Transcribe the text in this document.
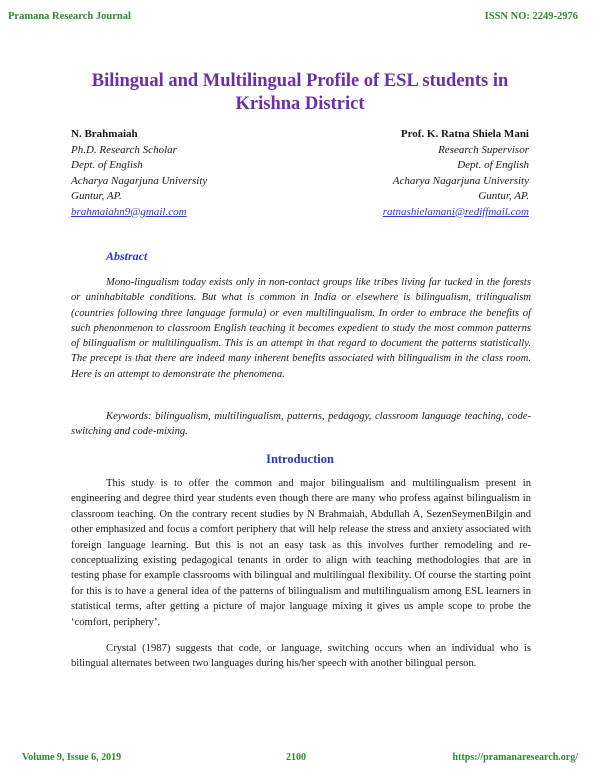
Pramana Research Journal	ISSN NO: 2249-2976
Bilingual and Multilingual Profile of ESL students in Krishna District
N. Brahmaiah
Ph.D. Research Scholar
Dept. of English
Acharya Nagarjuna University
Guntur, AP.
brahmaiahn9@gmail.com
Prof. K. Ratna Shiela Mani
Research Supervisor
Dept. of English
Acharya Nagarjuna University
Guntur, AP.
ratnashielamani@rediffmail.com
Abstract

Mono-lingualism today exists only in non-contact groups like tribes living far tucked in the forests or uninhabitable conditions. But what is common in India or elsewhere is bilingualism, trilingualism (countries following three language formula) or even multilingualism. In order to embrace the benefits of such phenonmenon to classroom English teaching it becomes expedient to study the most common patterns of bilingualism or multilingualism. This is an attempt in that regard to document the patterns statistically. The precept is that there are indeed many inherent benefits associated with bilingualism in the class room. Here is an attempt to demonstrate the phenomena.

Keywords: bilingualism, multilingualism, patterns, pedagogy, classroom language teaching, code-switching and code-mixing.

Introduction

This study is to offer the common and major bilingualism and multilingualism present in engineering and degree third year students even though there are many who profess against bilingualism in classroom teaching. On the contrary recent studies by N Brahmaiah, Abdullah A, SezenSeymenBilgin and other emphasized and focus a comfort periphery that will help release the stress and anxiety associated with foreign language learning. But this is not an easy task as this involves further remodeling and re-conceptualizing existing pedagogical tenants in order to align with teaching methodologies that are in testing phase for example classrooms with bilingual and multilingual flexibility. Of course the starting point for this is to have a general idea of the patterns of bilingualism and multilingualism among ESL learners in statistical terms, after getting a picture of major language mixing it gives us ample scope to probe the ‘comfort, periphery’.

Crystal (1987) suggests that code, or language, switching occurs when an individual who is bilingual alternates between two languages during his/her speech with another bilingual person.

Volume 9, Issue 6, 2019	2100	https://pramanaresearch.org/
